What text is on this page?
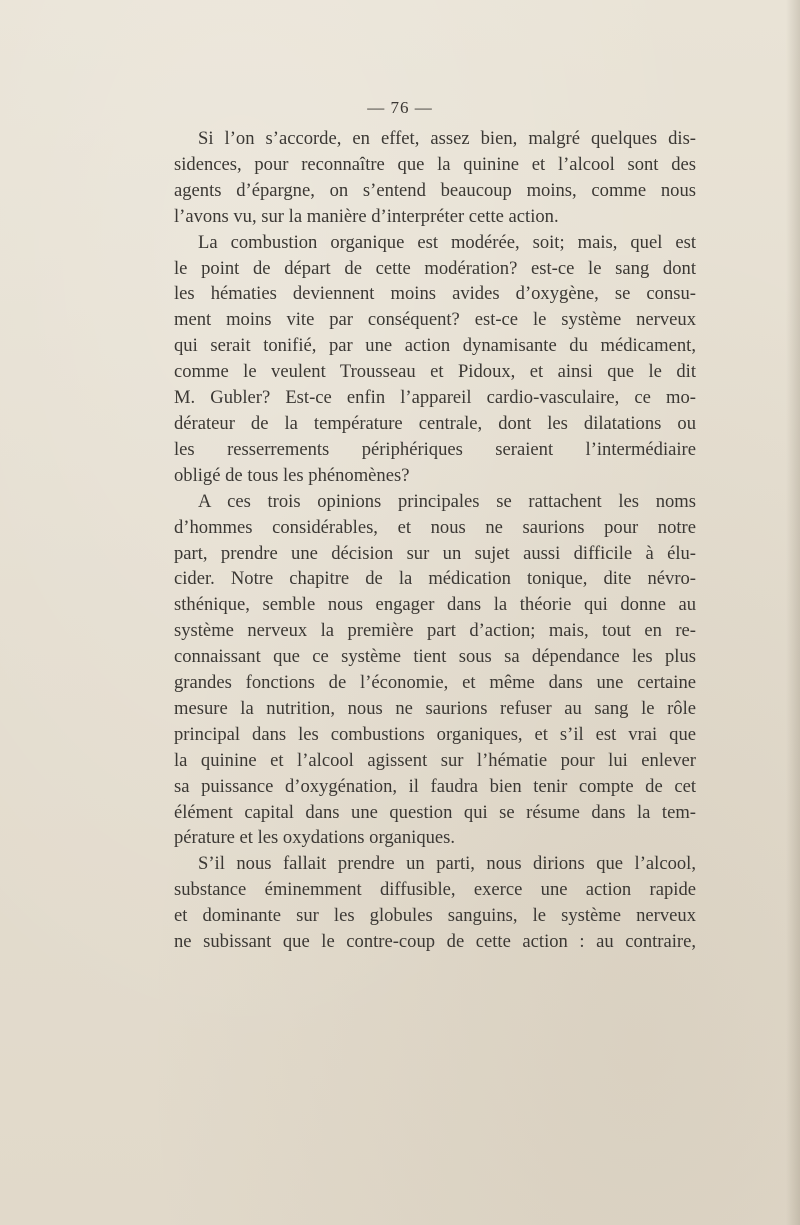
— 76 —

Si l’on s’accorde, en effet, assez bien, malgré quelques dis-
sidences, pour reconnaître que la quinine et l’alcool sont des
agents d’épargne, on s’entend beaucoup moins, comme nous
l’avons vu, sur la manière d’interpréter cette action.

La combustion organique est modérée, soit; mais, quel est
le point de départ de cette modération? est-ce le sang dont
les hématies deviennent moins avides d’oxygène, se consu-
ment moins vite par conséquent? est-ce le système nerveux
qui serait tonifié, par une action dynamisante du médicament,
comme le veulent Trousseau et Pidoux, et ainsi que le dit
M. Gubler? Est-ce enfin l’appareil cardio-vasculaire, ce mo-
dérateur de la température centrale, dont les dilatations ou
les resserrements périphériques seraient l’intermédiaire
obligé de tous les phénomènes?

A ces trois opinions principales se rattachent les noms
d’hommes considérables, et nous ne saurions pour notre
part, prendre une décision sur un sujet aussi difficile à élu-
cider. Notre chapitre de la médication tonique, dite névro-
sthénique, semble nous engager dans la théorie qui donne au
système nerveux la première part d’action; mais, tout en re-
connaissant que ce système tient sous sa dépendance les plus
grandes fonctions de l’économie, et même dans une certaine
mesure la nutrition, nous ne saurions refuser au sang le rôle
principal dans les combustions organiques, et s’il est vrai que
la quinine et l’alcool agissent sur l’hématie pour lui enlever
sa puissance d’oxygénation, il faudra bien tenir compte de cet
élément capital dans une question qui se résume dans la tem-
pérature et les oxydations organiques.

S’il nous fallait prendre un parti, nous dirions que l’alcool,
substance éminemment diffusible, exerce une action rapide
et dominante sur les globules sanguins, le système nerveux
ne subissant que le contre-coup de cette action : au contraire,
